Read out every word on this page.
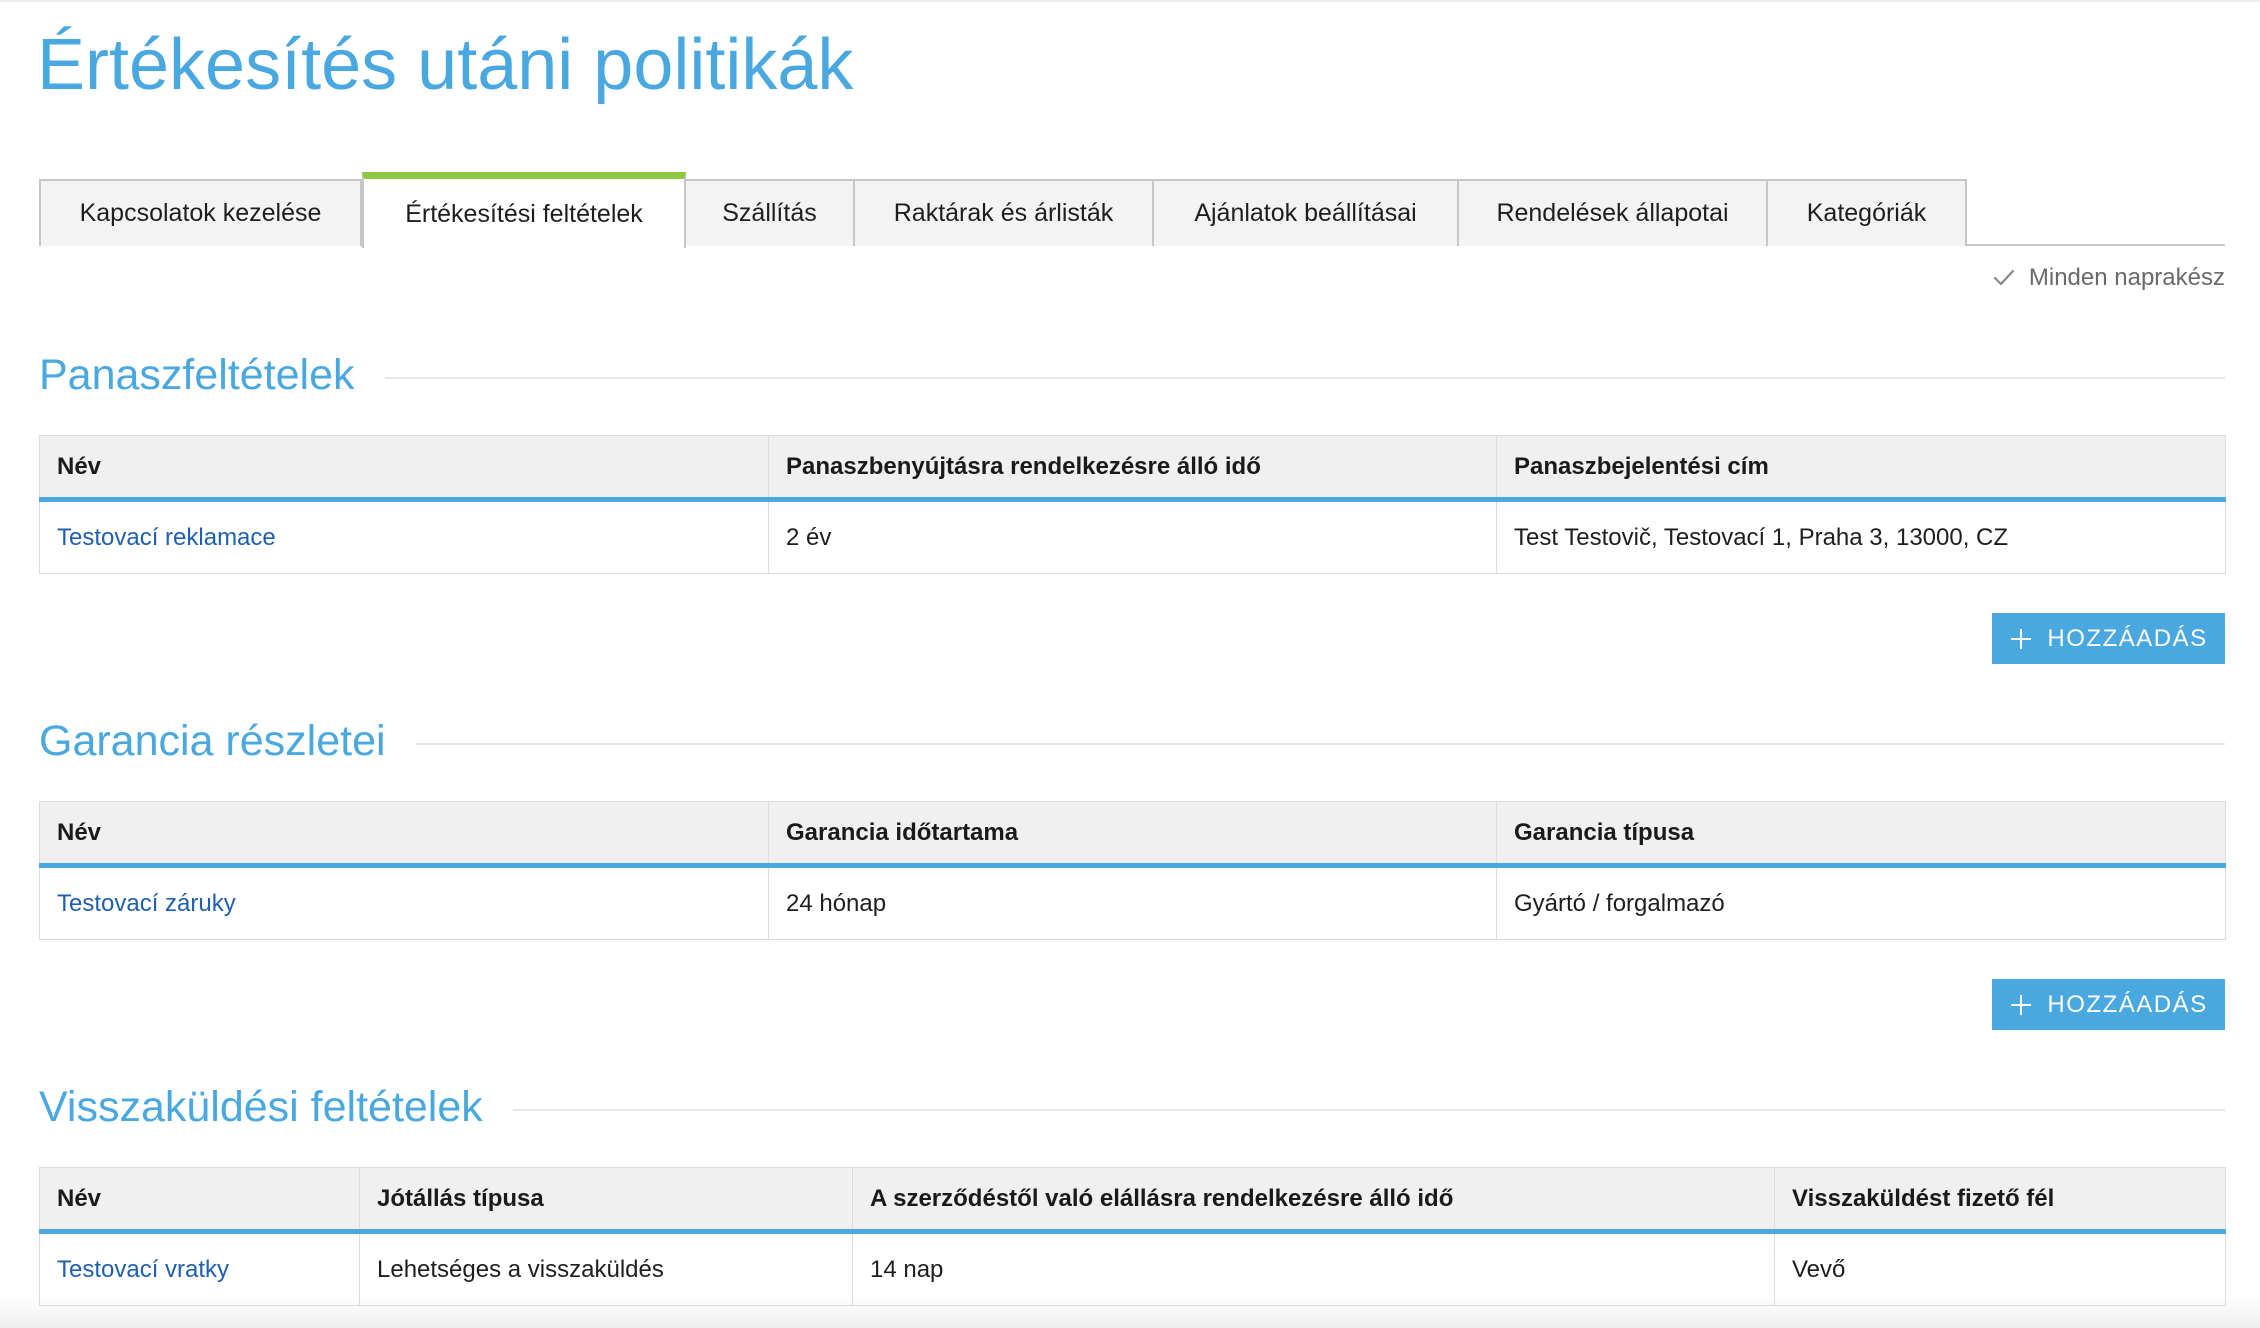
Értékesítés utáni politikák
Kapcsolatok kezelése	Értékesítési feltételek	Szállítás	Raktárak és árlisták	Ajánlatok beállításai	Rendelések állapotai	Kategóriák
Minden naprakész
Panaszfeltételek
Név	Panaszbenyújtásra rendelkezésre álló idő	Panaszbejelentési cím
Testovací reklamace	2 év	Test Testovič, Testovací 1, Praha 3, 13000, CZ
HOZZÁADÁS
Garancia részletei
Név	Garancia időtartama	Garancia típusa
Testovací záruky	24 hónap	Gyártó / forgalmazó
HOZZÁADÁS
Visszaküldési feltételek
Név	Jótállás típusa	A szerződéstől való elállásra rendelkezésre álló idő	Visszaküldést fizető fél
Testovací vratky	Lehetséges a visszaküldés	14 nap	Vevő
